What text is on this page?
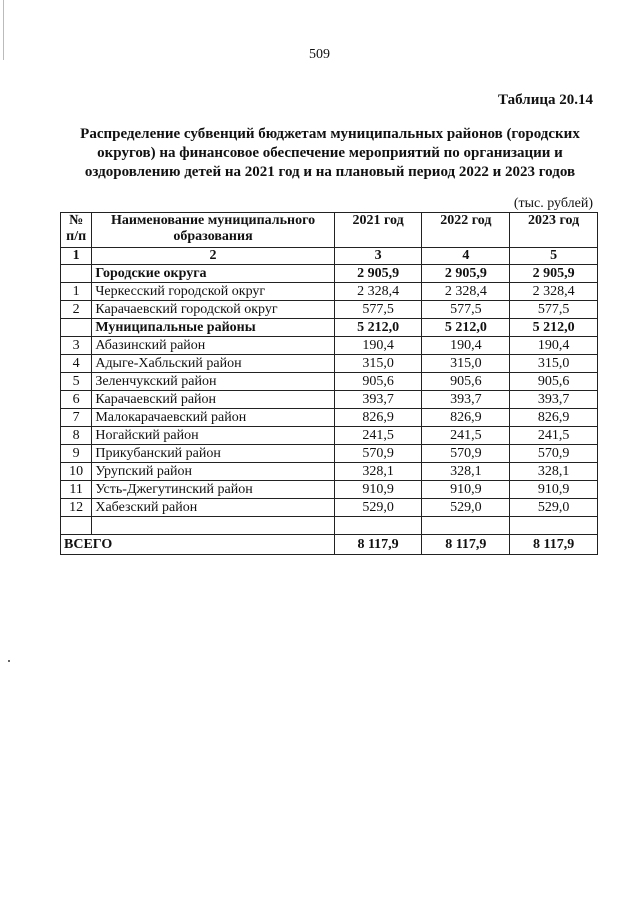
509
Таблица 20.14
Распределение субвенций бюджетам муниципальных районов (городских округов) на финансовое обеспечение мероприятий по организации и оздоровлению детей на 2021 год и на плановый период 2022 и 2023 годов
(тыс. рублей)
№ п/п	Наименование муниципального образования	2021 год	2022 год	2023 год
1	2	3	4	5
	Городские округа	2 905,9	2 905,9	2 905,9
1	Черкесский городской округ	2 328,4	2 328,4	2 328,4
2	Карачаевский городской округ	577,5	577,5	577,5
	Муниципальные районы	5 212,0	5 212,0	5 212,0
3	Абазинский район	190,4	190,4	190,4
4	Адыге-Хабльский район	315,0	315,0	315,0
5	Зеленчукский район	905,6	905,6	905,6
6	Карачаевский район	393,7	393,7	393,7
7	Малокарачаевский район	826,9	826,9	826,9
8	Ногайский район	241,5	241,5	241,5
9	Прикубанский район	570,9	570,9	570,9
10	Урупский район	328,1	328,1	328,1
11	Усть-Джегутинский район	910,9	910,9	910,9
12	Хабезский район	529,0	529,0	529,0

ВСЕГО		8 117,9	8 117,9	8 117,9
